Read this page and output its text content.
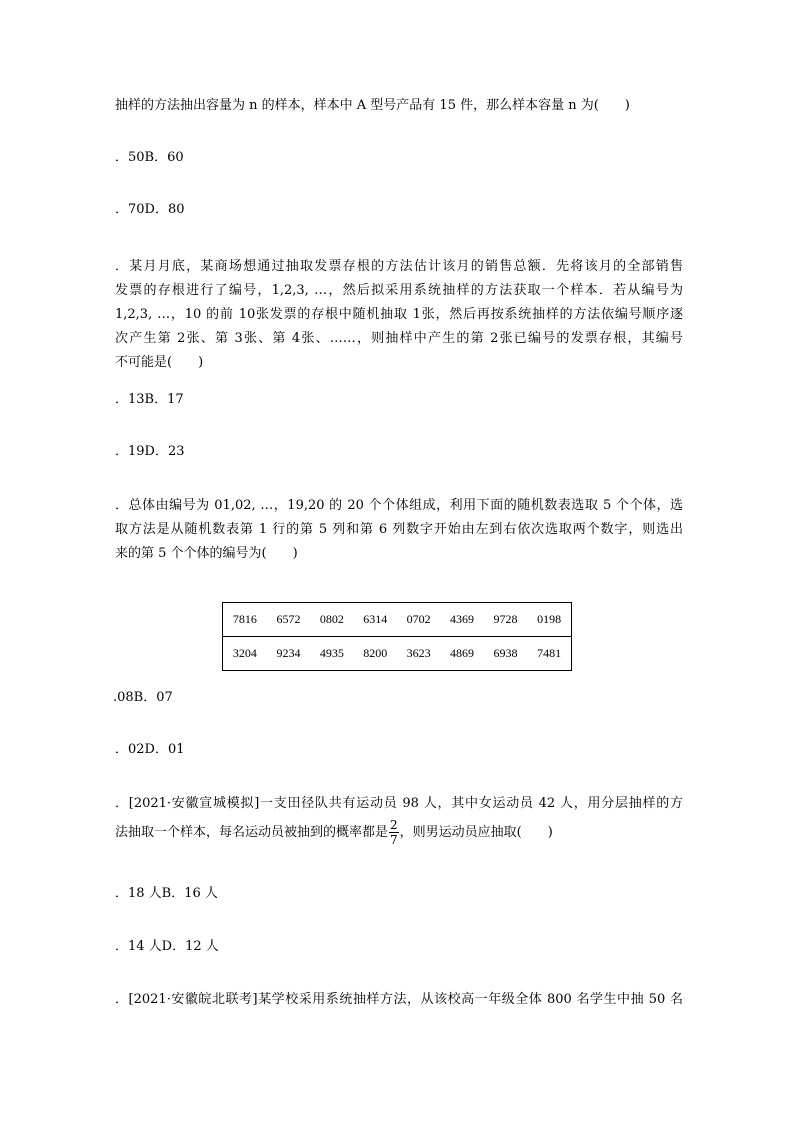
抽样的方法抽出容量为 n 的样本，样本中 A 型号产品有 15 件，那么样本容量 n 为(　　)
．50B．60
．70D．80
．某月月底，某商场想通过抽取发票存根的方法估计该月的销售总额．先将该月的全部销售
发票的存根进行了编号，1,2,3, …，然后拟采用系统抽样的方法获取一个样本．若从编号为
1,2,3, …，10 的前 10张发票的存根中随机抽取 1张，然后再按系统抽样的方法依编号顺序逐
次产生第 2张、第 3张、第 4张、……，则抽样中产生的第 2张已编号的发票存根，其编号
不可能是(　　)
．13B．17
．19D．23
．总体由编号为 01,02, …，19,20 的 20 个个体组成，利用下面的随机数表选取 5 个个体，选
取方法是从随机数表第 1 行的第 5 列和第 6 列数字开始由左到右依次选取两个数字，则选出
来的第 5 个个体的编号为(　　)
7816	6572	0802	6314	0702	4369	9728	0198
3204	9234	4935	8200	3623	4869	6938	7481
.08B．07
．02D．01
．[2021·安徽宣城模拟]一支田径队共有运动员 98 人，其中女运动员 42 人，用分层抽样的方
法抽取一个样本，每名运动员被抽到的概率都是 $\frac{2}{7}$ ，则男运动员应抽取(　　)
．18 人B．16 人
．14 人D．12 人
．[2021·安徽皖北联考]某学校采用系统抽样方法，从该校高一年级全体 800 名学生中抽 50 名
